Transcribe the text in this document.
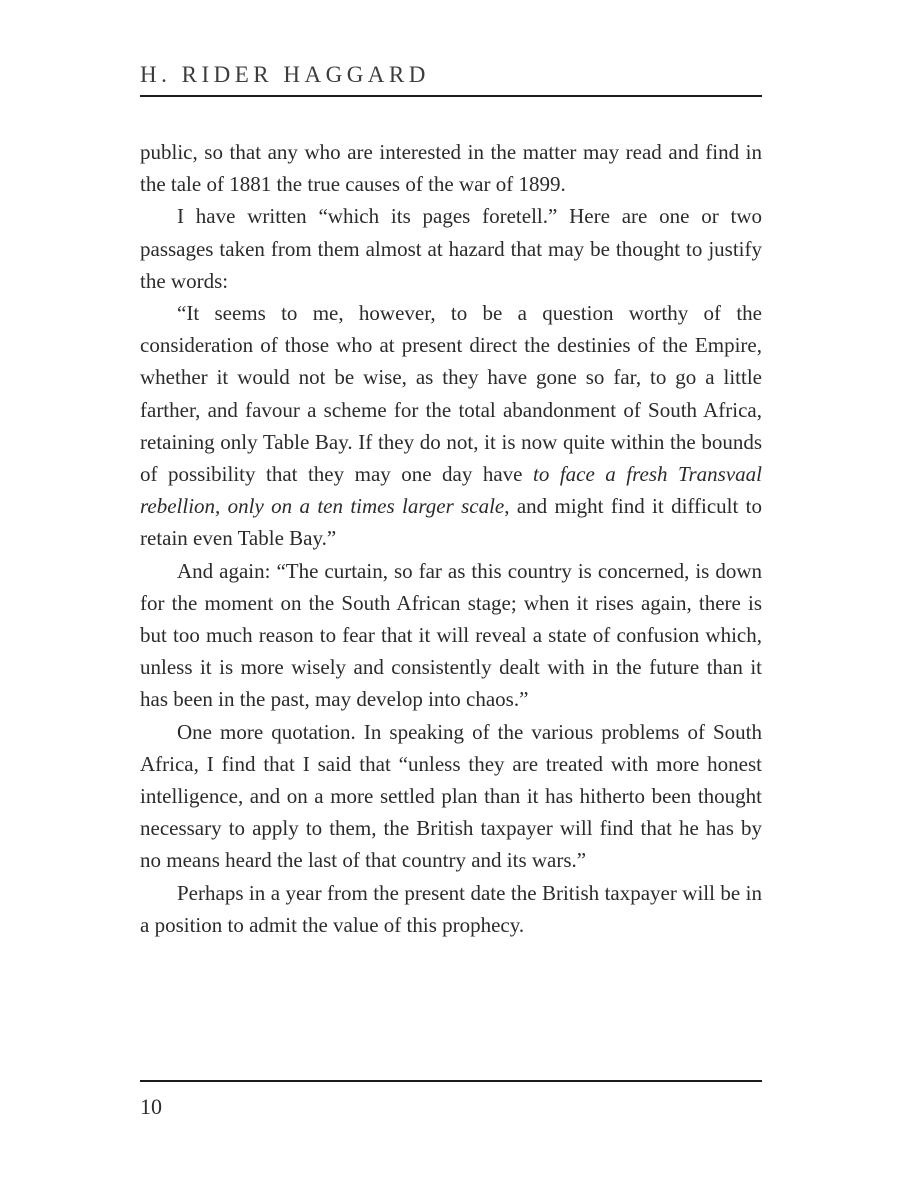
H. RIDER HAGGARD

public, so that any who are interested in the matter may read and find in the tale of 1881 the true causes of the war of 1899.

I have written “which its pages foretell.” Here are one or two passages taken from them almost at hazard that may be thought to justify the words:

“It seems to me, however, to be a question worthy of the consideration of those who at present direct the destinies of the Empire, whether it would not be wise, as they have gone so far, to go a little farther, and favour a scheme for the total abandonment of South Africa, retaining only Table Bay. If they do not, it is now quite within the bounds of possibility that they may one day have to face a fresh Transvaal rebellion, only on a ten times larger scale, and might find it difficult to retain even Table Bay.”

And again: “The curtain, so far as this country is concerned, is down for the moment on the South African stage; when it rises again, there is but too much reason to fear that it will reveal a state of confusion which, unless it is more wisely and consistently dealt with in the future than it has been in the past, may develop into chaos.”

One more quotation. In speaking of the various problems of South Africa, I find that I said that “unless they are treated with more honest intelligence, and on a more settled plan than it has hitherto been thought necessary to apply to them, the British taxpayer will find that he has by no means heard the last of that country and its wars.”

Perhaps in a year from the present date the British taxpayer will be in a position to admit the value of this prophecy.

10
